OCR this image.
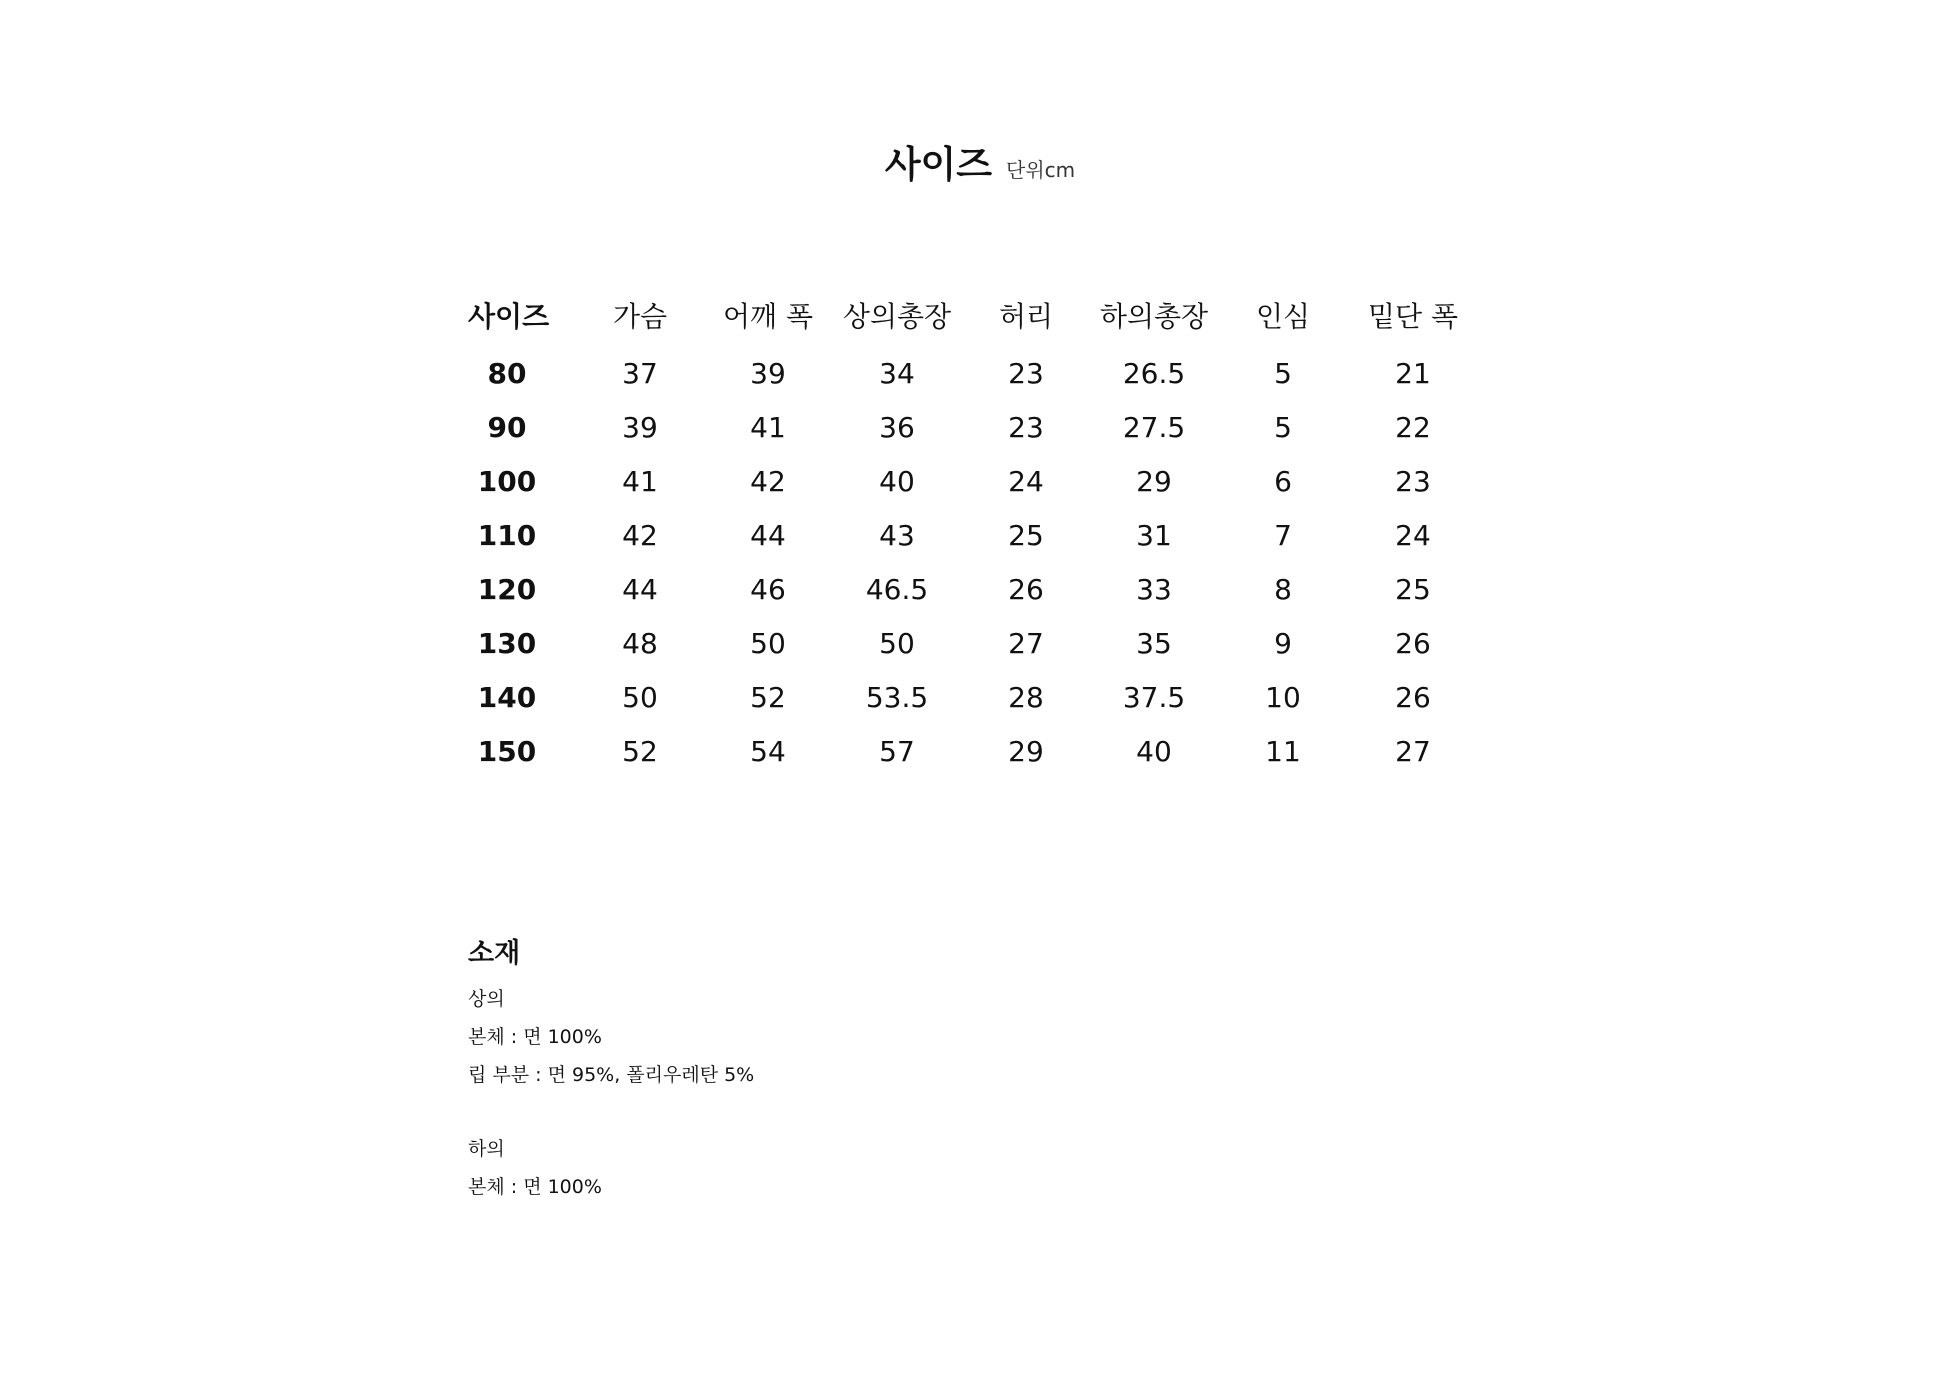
사이즈 단위cm
사이즈	가슴	어깨 폭	상의총장	허리	하의총장	인심	밑단 폭
80	37	39	34	23	26.5	5	21
90	39	41	36	23	27.5	5	22
100	41	42	40	24	29	6	23
110	42	44	43	25	31	7	24
120	44	46	46.5	26	33	8	25
130	48	50	50	27	35	9	26
140	50	52	53.5	28	37.5	10	26
150	52	54	57	29	40	11	27
소재
상의
본체 : 면 100%
립 부분 : 면 95%, 폴리우레탄 5%
하의
본체 : 면 100%
